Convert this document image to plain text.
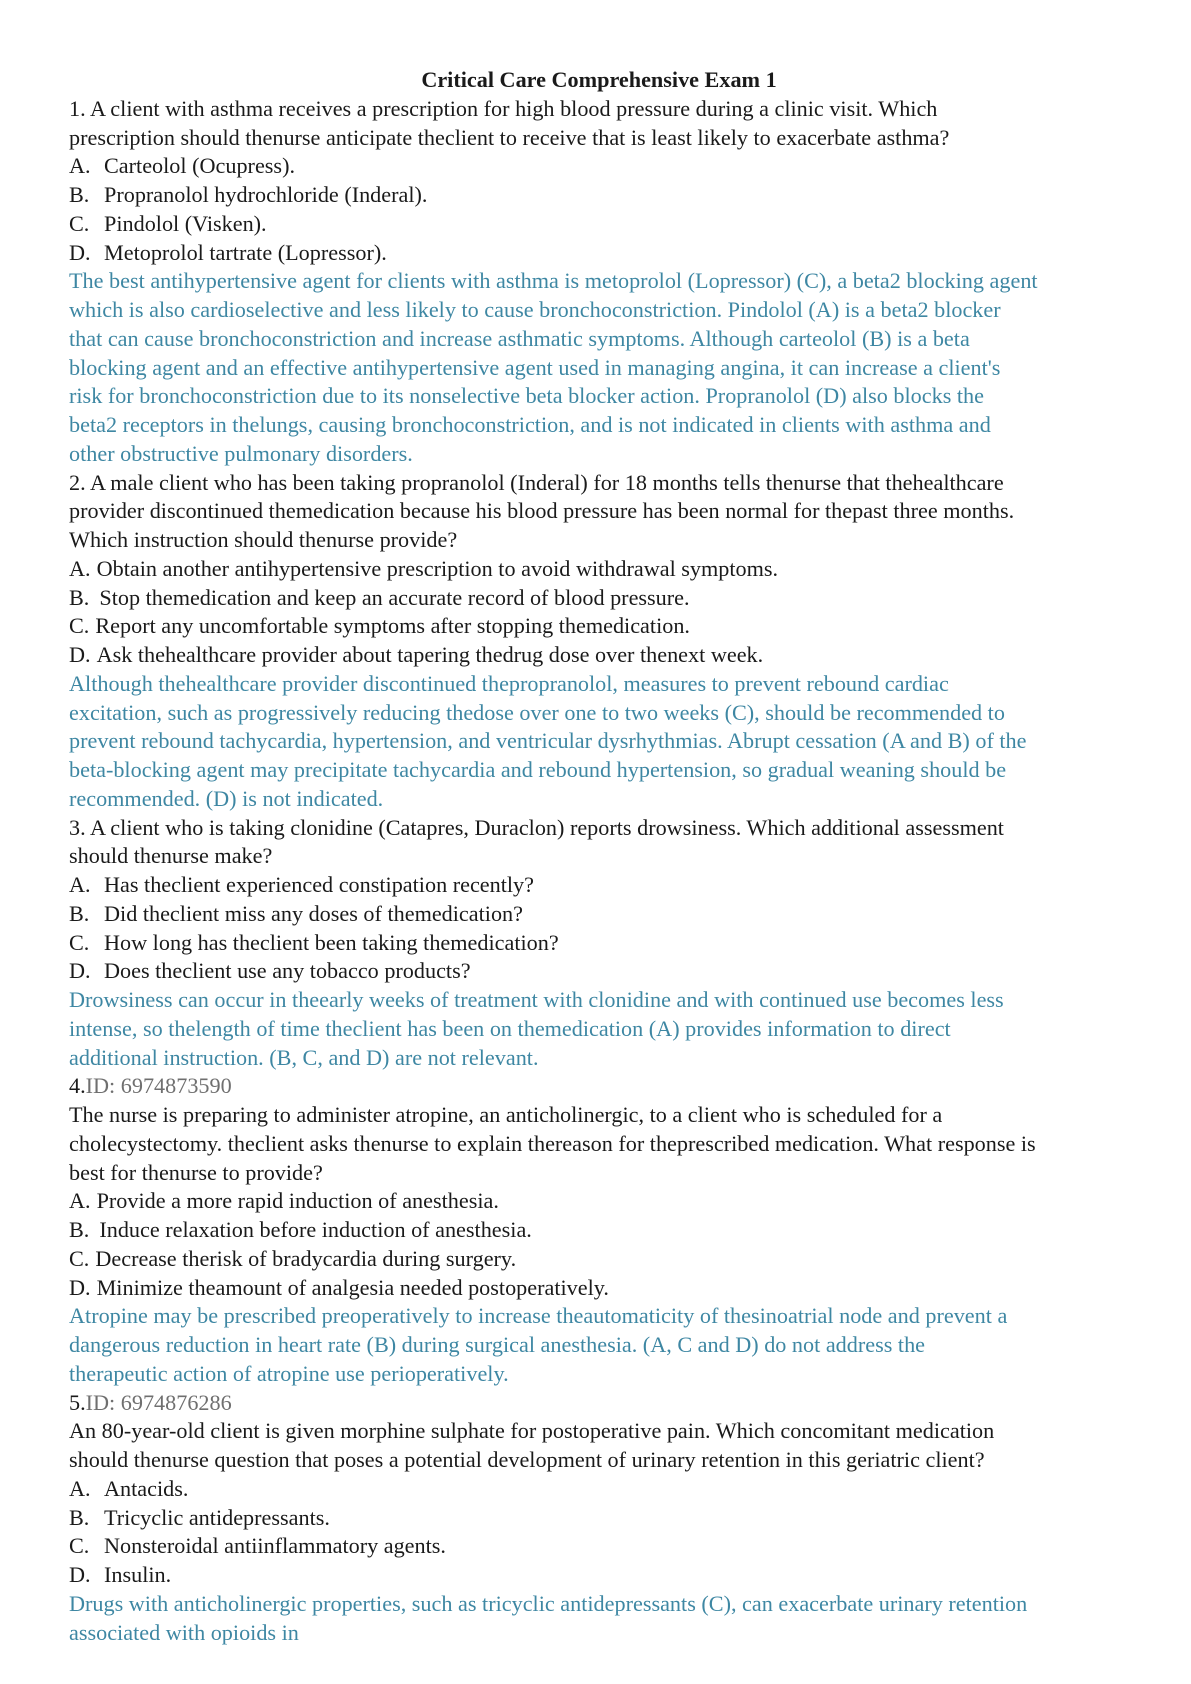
Critical Care Comprehensive Exam 1

1. A client with asthma receives a prescription for high blood pressure during a clinic visit. Which

prescription should thenurse anticipate theclient to receive that is least likely to exacerbate asthma?

A. Carteolol (Ocupress).

B. Propranolol hydrochloride (Inderal).

C. Pindolol (Visken).

D. Metoprolol tartrate (Lopressor).

The best antihypertensive agent for clients with asthma is metoprolol (Lopressor) (C), a beta2 blocking agent

which is also cardioselective and less likely to cause bronchoconstriction. Pindolol (A) is a beta2 blocker

that can cause bronchoconstriction and increase asthmatic symptoms. Although carteolol (B) is a beta

blocking agent and an effective antihypertensive agent used in managing angina, it can increase a client's

risk for bronchoconstriction due to its nonselective beta blocker action. Propranolol (D) also blocks the

beta2 receptors in thelungs, causing bronchoconstriction, and is not indicated in clients with asthma and

other obstructive pulmonary disorders.

2. A male client who has been taking propranolol (Inderal) for 18 months tells thenurse that thehealthcare

provider discontinued themedication because his blood pressure has been normal for thepast three months.

Which instruction should thenurse provide?

A. Obtain another antihypertensive prescription to avoid withdrawal symptoms.

B. Stop themedication and keep an accurate record of blood pressure.

C. Report any uncomfortable symptoms after stopping themedication.

D. Ask thehealthcare provider about tapering thedrug dose over thenext week.

Although thehealthcare provider discontinued thepropranolol, measures to prevent rebound cardiac

excitation, such as progressively reducing thedose over one to two weeks (C), should be recommended to

prevent rebound tachycardia, hypertension, and ventricular dysrhythmias. Abrupt cessation (A and B) of the

beta-blocking agent may precipitate tachycardia and rebound hypertension, so gradual weaning should be

recommended. (D) is not indicated.

3. A client who is taking clonidine (Catapres, Duraclon) reports drowsiness. Which additional assessment

should thenurse make?

A. Has theclient experienced constipation recently?

B. Did theclient miss any doses of themedication?

C. How long has theclient been taking themedication?

D. Does theclient use any tobacco products?

Drowsiness can occur in theearly weeks of treatment with clonidine and with continued use becomes less

intense, so thelength of time theclient has been on themedication (A) provides information to direct

additional instruction. (B, C, and D) are not relevant.

4.ID: 6974873590

The nurse is preparing to administer atropine, an anticholinergic, to a client who is scheduled for a

cholecystectomy. theclient asks thenurse to explain thereason for theprescribed medication. What response is

best for thenurse to provide?

A. Provide a more rapid induction of anesthesia.

B. Induce relaxation before induction of anesthesia.

C. Decrease therisk of bradycardia during surgery.

D. Minimize theamount of analgesia needed postoperatively.

Atropine may be prescribed preoperatively to increase theautomaticity of thesinoatrial node and prevent a

dangerous reduction in heart rate (B) during surgical anesthesia. (A, C and D) do not address the

therapeutic action of atropine use perioperatively.

5.ID: 6974876286

An 80-year-old client is given morphine sulphate for postoperative pain. Which concomitant medication

should thenurse question that poses a potential development of urinary retention in this geriatric client?

A. Antacids.

B. Tricyclic antidepressants.

C. Nonsteroidal antiinflammatory agents.

D. Insulin.

Drugs with anticholinergic properties, such as tricyclic antidepressants (C), can exacerbate urinary retention

associated with opioids in
